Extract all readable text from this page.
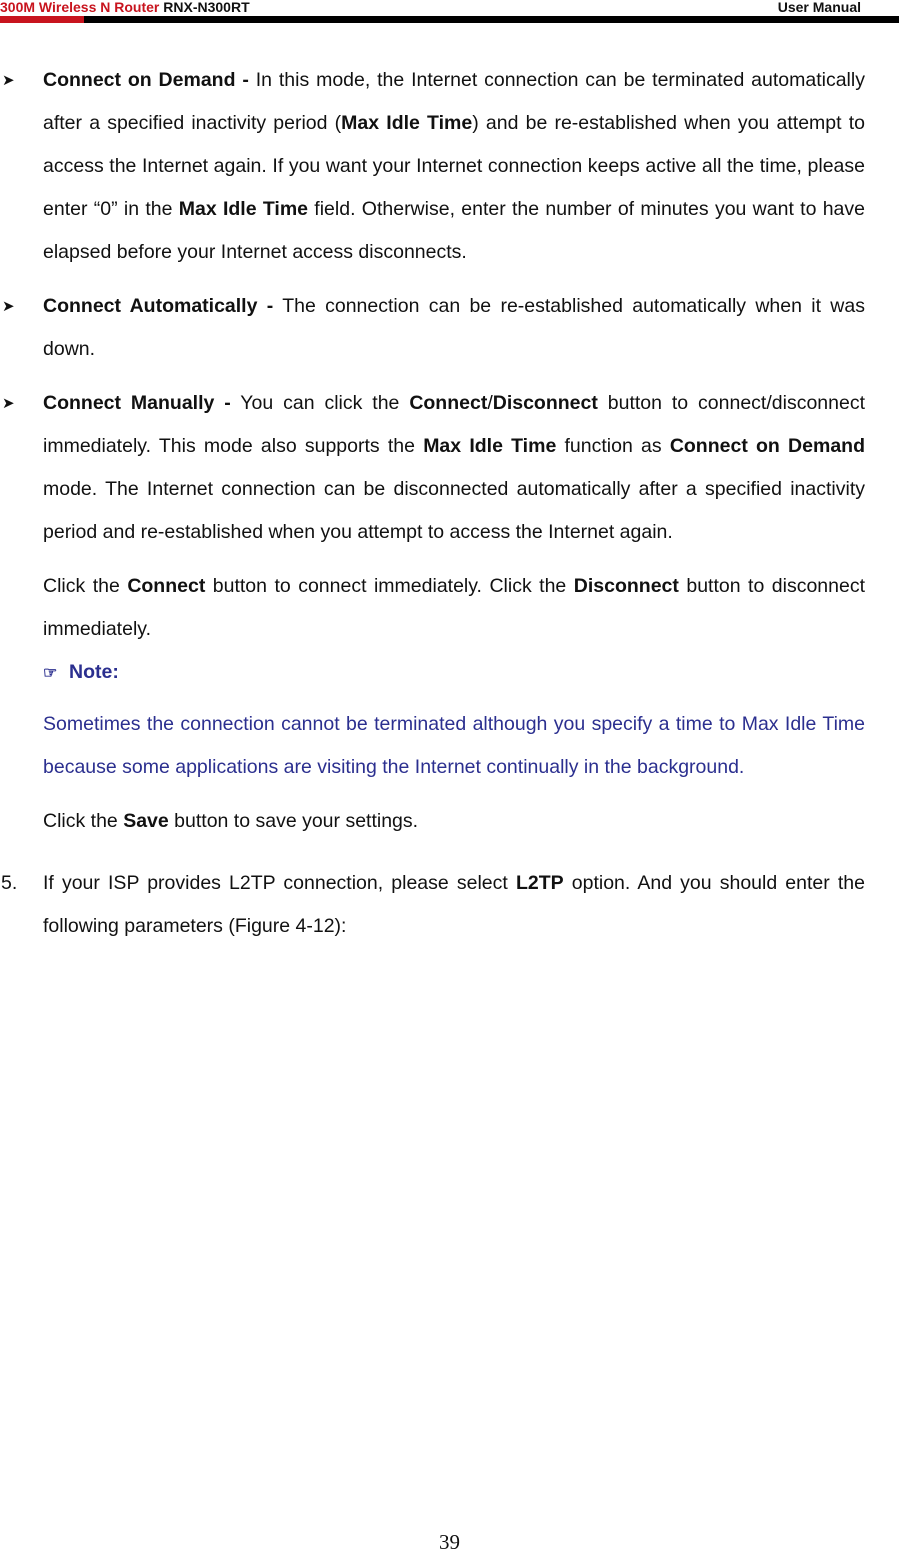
300M Wireless N Router RNX-N300RT	User Manual

➤ Connect on Demand - In this mode, the Internet connection can be terminated automatically after a specified inactivity period (Max Idle Time) and be re-established when you attempt to access the Internet again. If you want your Internet connection keeps active all the time, please enter “0” in the Max Idle Time field. Otherwise, enter the number of minutes you want to have elapsed before your Internet access disconnects.

➤ Connect Automatically - The connection can be re-established automatically when it was down.

➤ Connect Manually - You can click the Connect/Disconnect button to connect/disconnect immediately. This mode also supports the Max Idle Time function as Connect on Demand mode. The Internet connection can be disconnected automatically after a specified inactivity period and re-established when you attempt to access the Internet again.

Click the Connect button to connect immediately. Click the Disconnect button to disconnect immediately.

☞ Note:

Sometimes the connection cannot be terminated although you specify a time to Max Idle Time because some applications are visiting the Internet continually in the background.

Click the Save button to save your settings.

5. If your ISP provides L2TP connection, please select L2TP option. And you should enter the following parameters (Figure 4-12):

39
